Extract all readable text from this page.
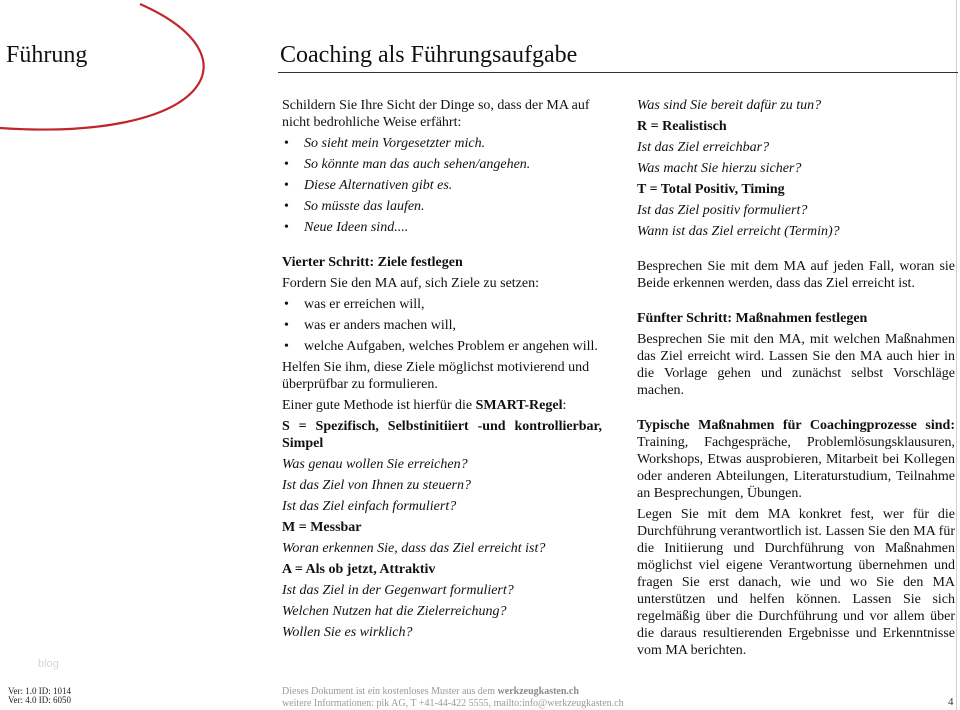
Führung	Coaching als Führungsaufgabe

Schildern Sie Ihre Sicht der Dinge so, dass der MA auf nicht bedrohliche Weise erfährt:

• So sieht mein Vorgesetzter mich.
• So könnte man das auch sehen/angehen.
• Diese Alternativen gibt es.
• So müsste das laufen.
• Neue Ideen sind....

Vierter Schritt: Ziele festlegen

Fordern Sie den MA auf, sich Ziele zu setzen:

• was er erreichen will,
• was er anders machen will,
• welche Aufgaben, welches Problem er angehen will.

Helfen Sie ihm, diese Ziele möglichst motivierend und überprüfbar zu formulieren.

Einer gute Methode ist hierfür die SMART-Regel:

S = Spezifisch, Selbstinitiiert -und kontrollierbar, Simpel

Was genau wollen Sie erreichen?

Ist das Ziel von Ihnen zu steuern?

Ist das Ziel einfach formuliert?

M = Messbar

Woran erkennen Sie, dass das Ziel erreicht ist?

A = Als ob jetzt, Attraktiv

Ist das Ziel in der Gegenwart formuliert?

Welchen Nutzen hat die Zielerreichung?

Wollen Sie es wirklich?

Was sind Sie bereit dafür zu tun?

R = Realistisch

Ist das Ziel erreichbar?

Was macht Sie hierzu sicher?

T = Total Positiv, Timing

Ist das Ziel positiv formuliert?

Wann ist das Ziel erreicht (Termin)?

Besprechen Sie mit dem MA auf jeden Fall, woran sie Beide erkennen werden, dass das Ziel erreicht ist.

Fünfter Schritt: Maßnahmen festlegen

Besprechen Sie mit den MA, mit welchen Maßnahmen das Ziel erreicht wird. Lassen Sie den MA auch hier in die Vorlage gehen und zunächst selbst Vorschläge machen.

Typische Maßnahmen für Coachingprozesse sind: Training, Fachgespräche, Problemlösungsklausuren, Workshops, Etwas ausprobieren, Mitarbeit bei Kollegen oder anderen Abteilungen, Literaturstudium, Teilnahme an Besprechungen, Übungen.

Legen Sie mit dem MA konkret fest, wer für die Durchführung verantwortlich ist. Lassen Sie den MA für die Initiierung und Durchführung von Maßnahmen möglichst viel eigene Verantwortung übernehmen und fragen Sie erst danach, wie und wo Sie den MA unterstützen und helfen können. Lassen Sie sich regelmäßig über die Durchführung und vor allem über die daraus resultierenden Ergebnisse und Erkenntnisse vom MA berichten.

blog
Ver: 1.0 ID: 1014
Ver: 4.0 ID: 6050
Dieses Dokument ist ein kostenloses Muster aus dem werkzeugkasten.ch
weitere Informationen: pik AG, T +41-44-422 5555, mailto:info@werkzeugkasten.ch	4
